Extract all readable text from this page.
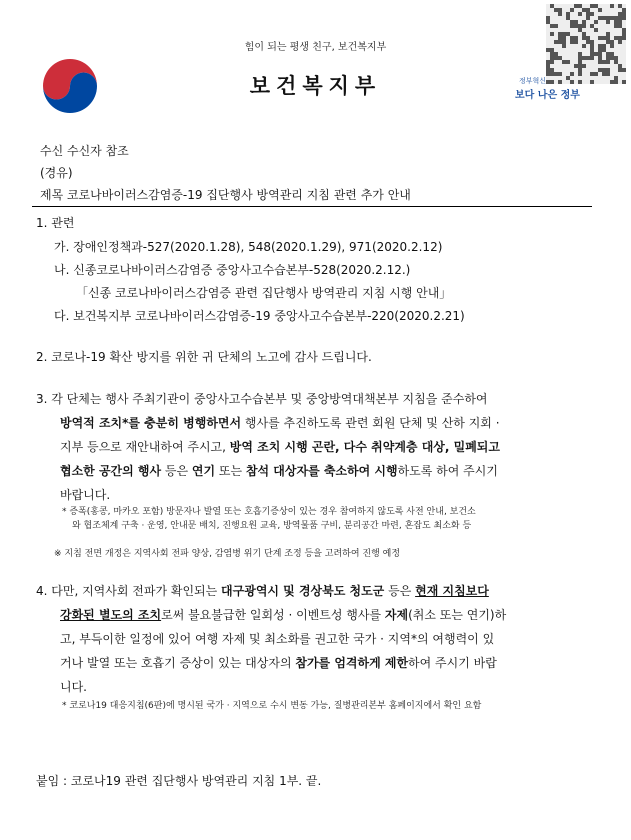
힘이 되는 평생 친구, 보건복지부
보건복지부	정부혁신
보다 나은 정부
수신 수신자 참조
(경유)
제목 코로나바이러스감염증-19 집단행사 방역관리 지침 관련 추가 안내
1. 관련
가. 장애인정책과-527(2020.1.28), 548(2020.1.29), 971(2020.2.12)
나. 신종코로나바이러스감염증 중앙사고수습본부-528(2020.2.12.)
「신종 코로나바이러스감염증 관련 집단행사 방역관리 지침 시행 안내」
다. 보건복지부 코로나바이러스감염증-19 중앙사고수습본부-220(2020.2.21)
2. 코로나-19 확산 방지를 위한 귀 단체의 노고에 감사 드립니다.
3. 각 단체는 행사 주최기관이 중앙사고수습본부 및 중앙방역대책본부 지침을 준수하여
방역적 조치*를 충분히 병행하면서 행사를 추진하도록 관련 회원 단체 및 산하 지회 ·
지부 등으로 재안내하여 주시고, 방역 조치 시행 곤란, 다수 취약계층 대상, 밀폐되고
협소한 공간의 행사 등은 연기 또는 참석 대상자를 축소하여 시행하도록 하여 주시기
바랍니다.
* 증폭(홍콩, 마카오 포함) 방문자나 발열 또는 호흡기증상이 있는 경우 참여하지 않도록 사전 안내, 보건소
와 협조체계 구축 · 운영, 안내문 배치, 진행요원 교육, 방역물품 구비, 분리공간 마련, 혼잡도 최소화 등
※ 지침 전면 개정은 지역사회 전파 양상, 감염병 위기 단계 조정 등을 고려하여 진행 예정
4. 다만, 지역사회 전파가 확인되는 대구광역시 및 경상북도 청도군 등은 현재 지침보다
강화된 별도의 조치로써 불요불급한 일회성 · 이벤트성 행사를 자제(취소 또는 연기)하
고, 부득이한 일정에 있어 여행 자제 및 최소화를 권고한 국가 · 지역*의 여행력이 있
거나 발열 또는 호흡기 증상이 있는 대상자의 참가를 엄격하게 제한하여 주시기 바랍
니다.
* 코로나19 대응지침(6판)에 명시된 국가 · 지역으로 수시 변동 가능, 질병관리본부 홈페이지에서 확인 요함
붙임 : 코로나19 관련 집단행사 방역관리 지침 1부. 끝.
